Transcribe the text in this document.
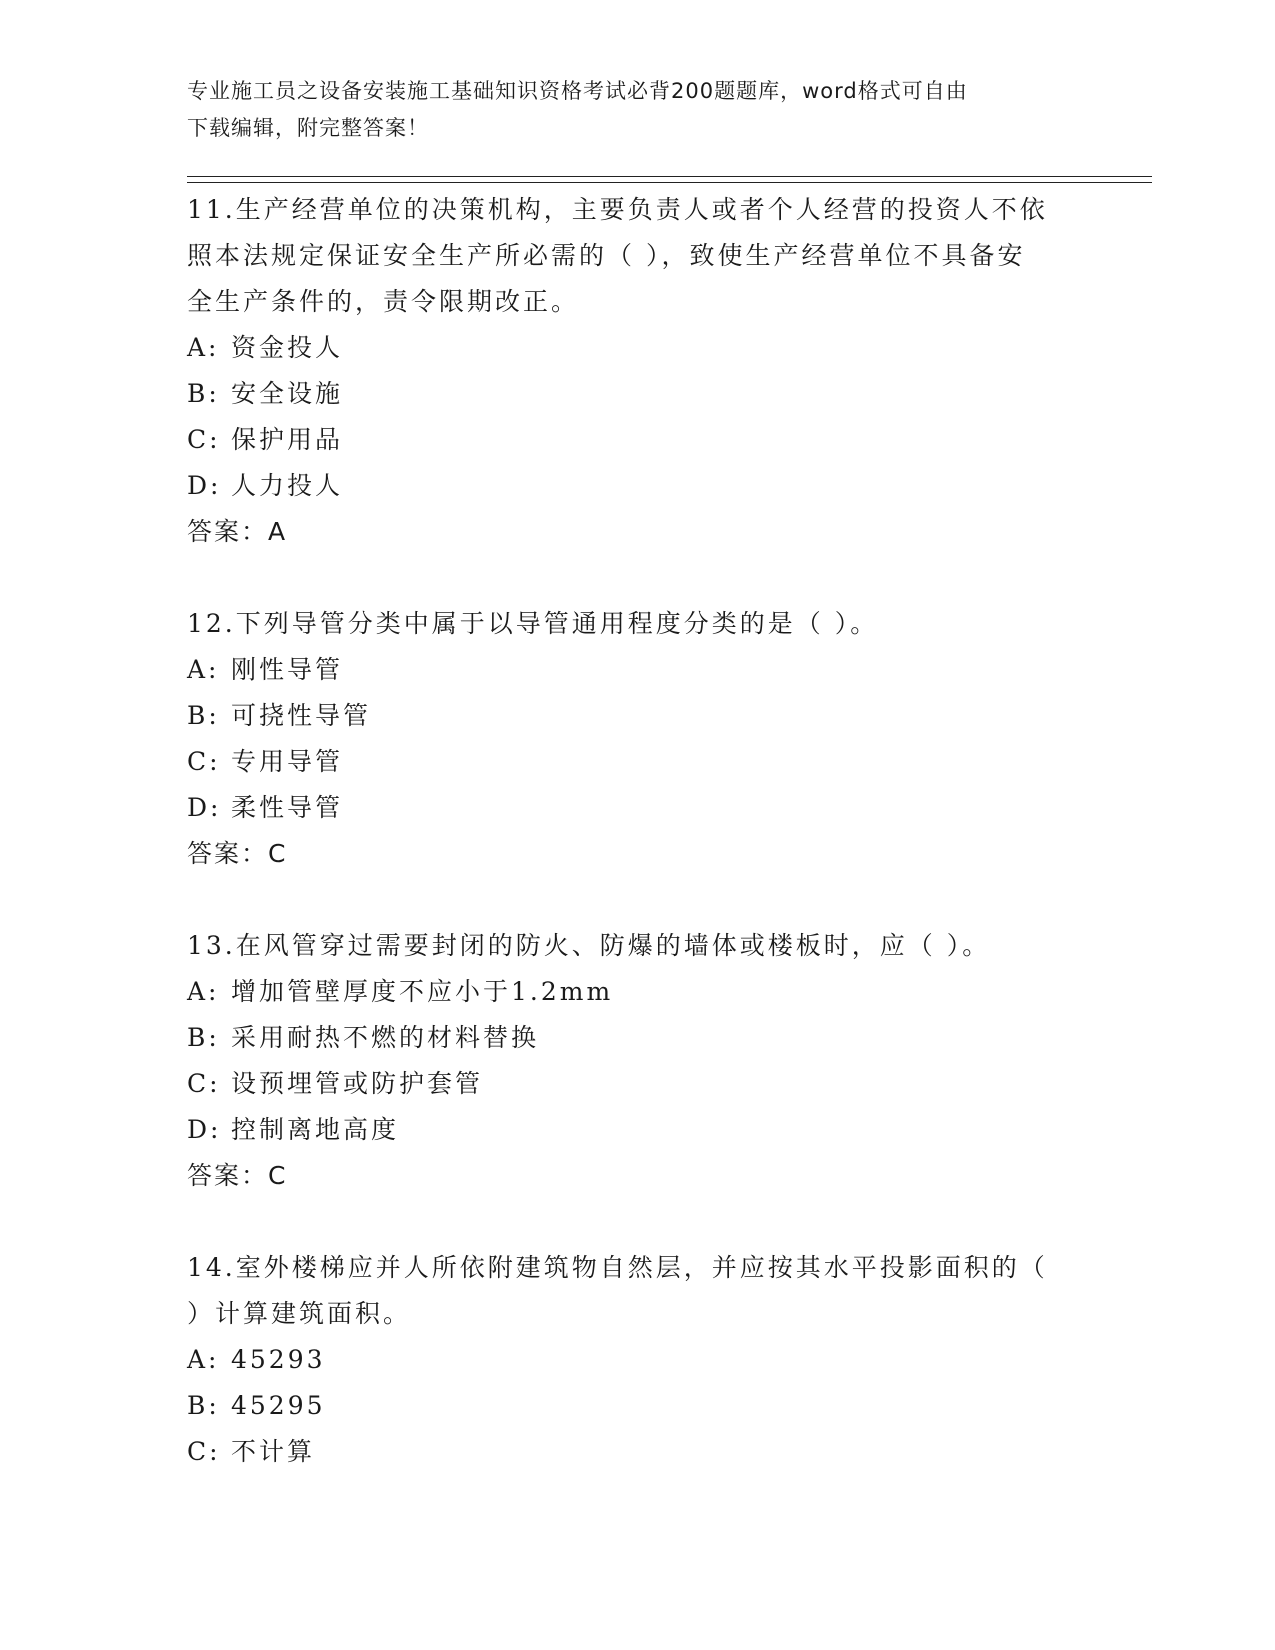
专业施工员之设备安装施工基础知识资格考试必背200题题库，word格式可自由
下载编辑，附完整答案！
11.生产经营单位的决策机构，主要负责人或者个人经营的投资人不依
照本法规定保证安全生产所必需的（ ），致使生产经营单位不具备安
全生产条件的，责令限期改正。
A: 资金投人
B: 安全设施
C: 保护用品
D: 人力投人
答案：A
12.下列导管分类中属于以导管通用程度分类的是（ ）。
A: 刚性导管
B: 可挠性导管
C: 专用导管
D: 柔性导管
答案：C
13.在风管穿过需要封闭的防火、防爆的墙体或楼板时，应（ ）。
A: 增加管壁厚度不应小于1.2mm
B: 采用耐热不燃的材料替换
C: 设预埋管或防护套管
D: 控制离地高度
答案：C
14.室外楼梯应并人所依附建筑物自然层，并应按其水平投影面积的（
）计算建筑面积。
A: 45293
B: 45295
C: 不计算
